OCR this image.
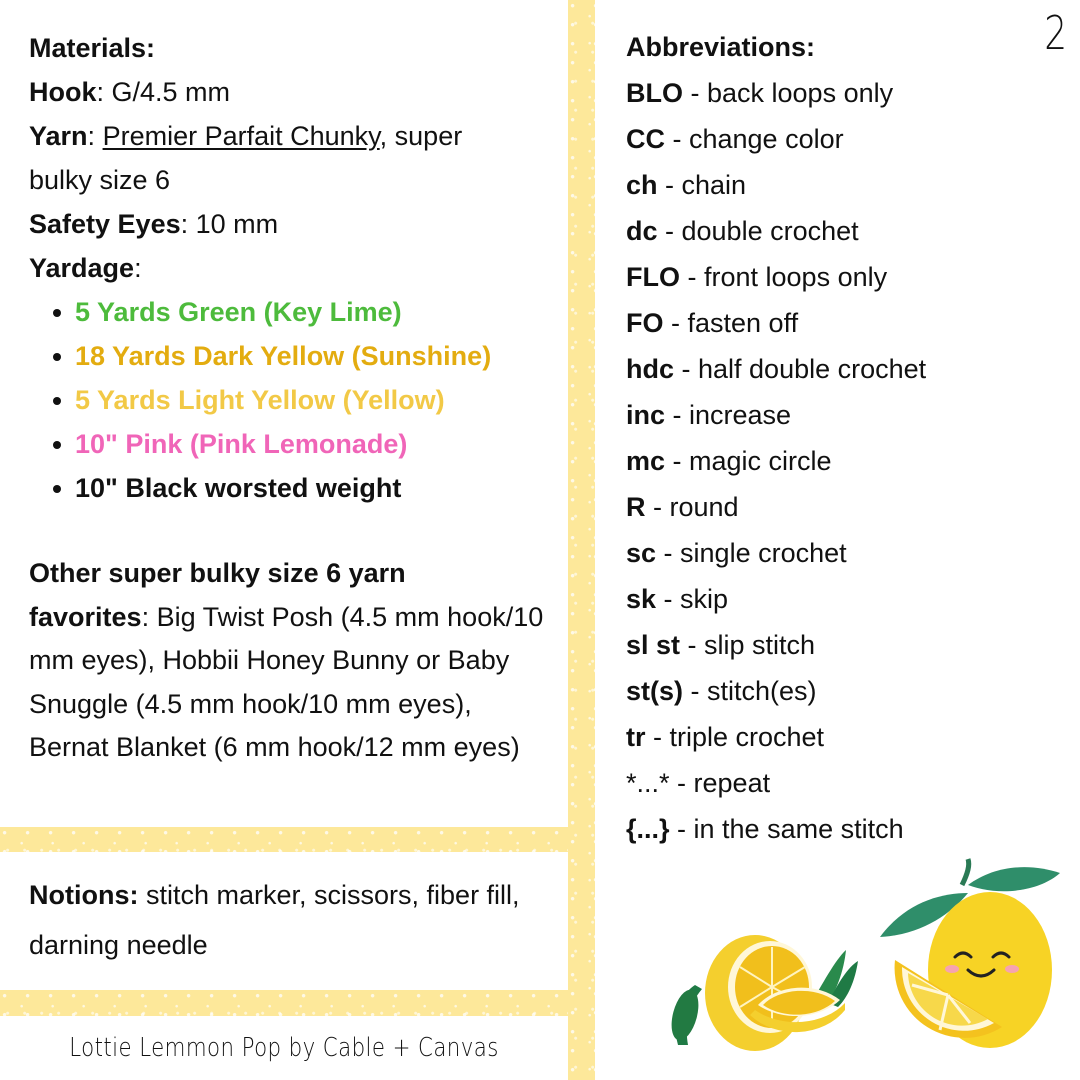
2
Materials:
Hook: G/4.5 mm
Yarn: Premier Parfait Chunky, super
bulky size 6
Safety Eyes: 10 mm
Yardage:
5 Yards Green (Key Lime)
18 Yards Dark Yellow (Sunshine)
5 Yards Light Yellow (Yellow)
10" Pink (Pink Lemonade)
10" Black worsted weight
Other super bulky size 6 yarn
favorites: Big Twist Posh (4.5 mm hook/10 mm eyes), Hobbii Honey Bunny or Baby Snuggle (4.5 mm hook/10 mm eyes), Bernat Blanket (6 mm hook/12 mm eyes)
Notions: stitch marker, scissors, fiber fill, darning needle
Lottie Lemmon Pop by Cable + Canvas
Abbreviations:
BLO - back loops only
CC - change color
ch - chain
dc - double crochet
FLO - front loops only
FO - fasten off
hdc - half double crochet
inc - increase
mc - magic circle
R - round
sc - single crochet
sk - skip
sl st - slip stitch
st(s) - stitch(es)
tr - triple crochet
*...* - repeat
{...} - in the same stitch
